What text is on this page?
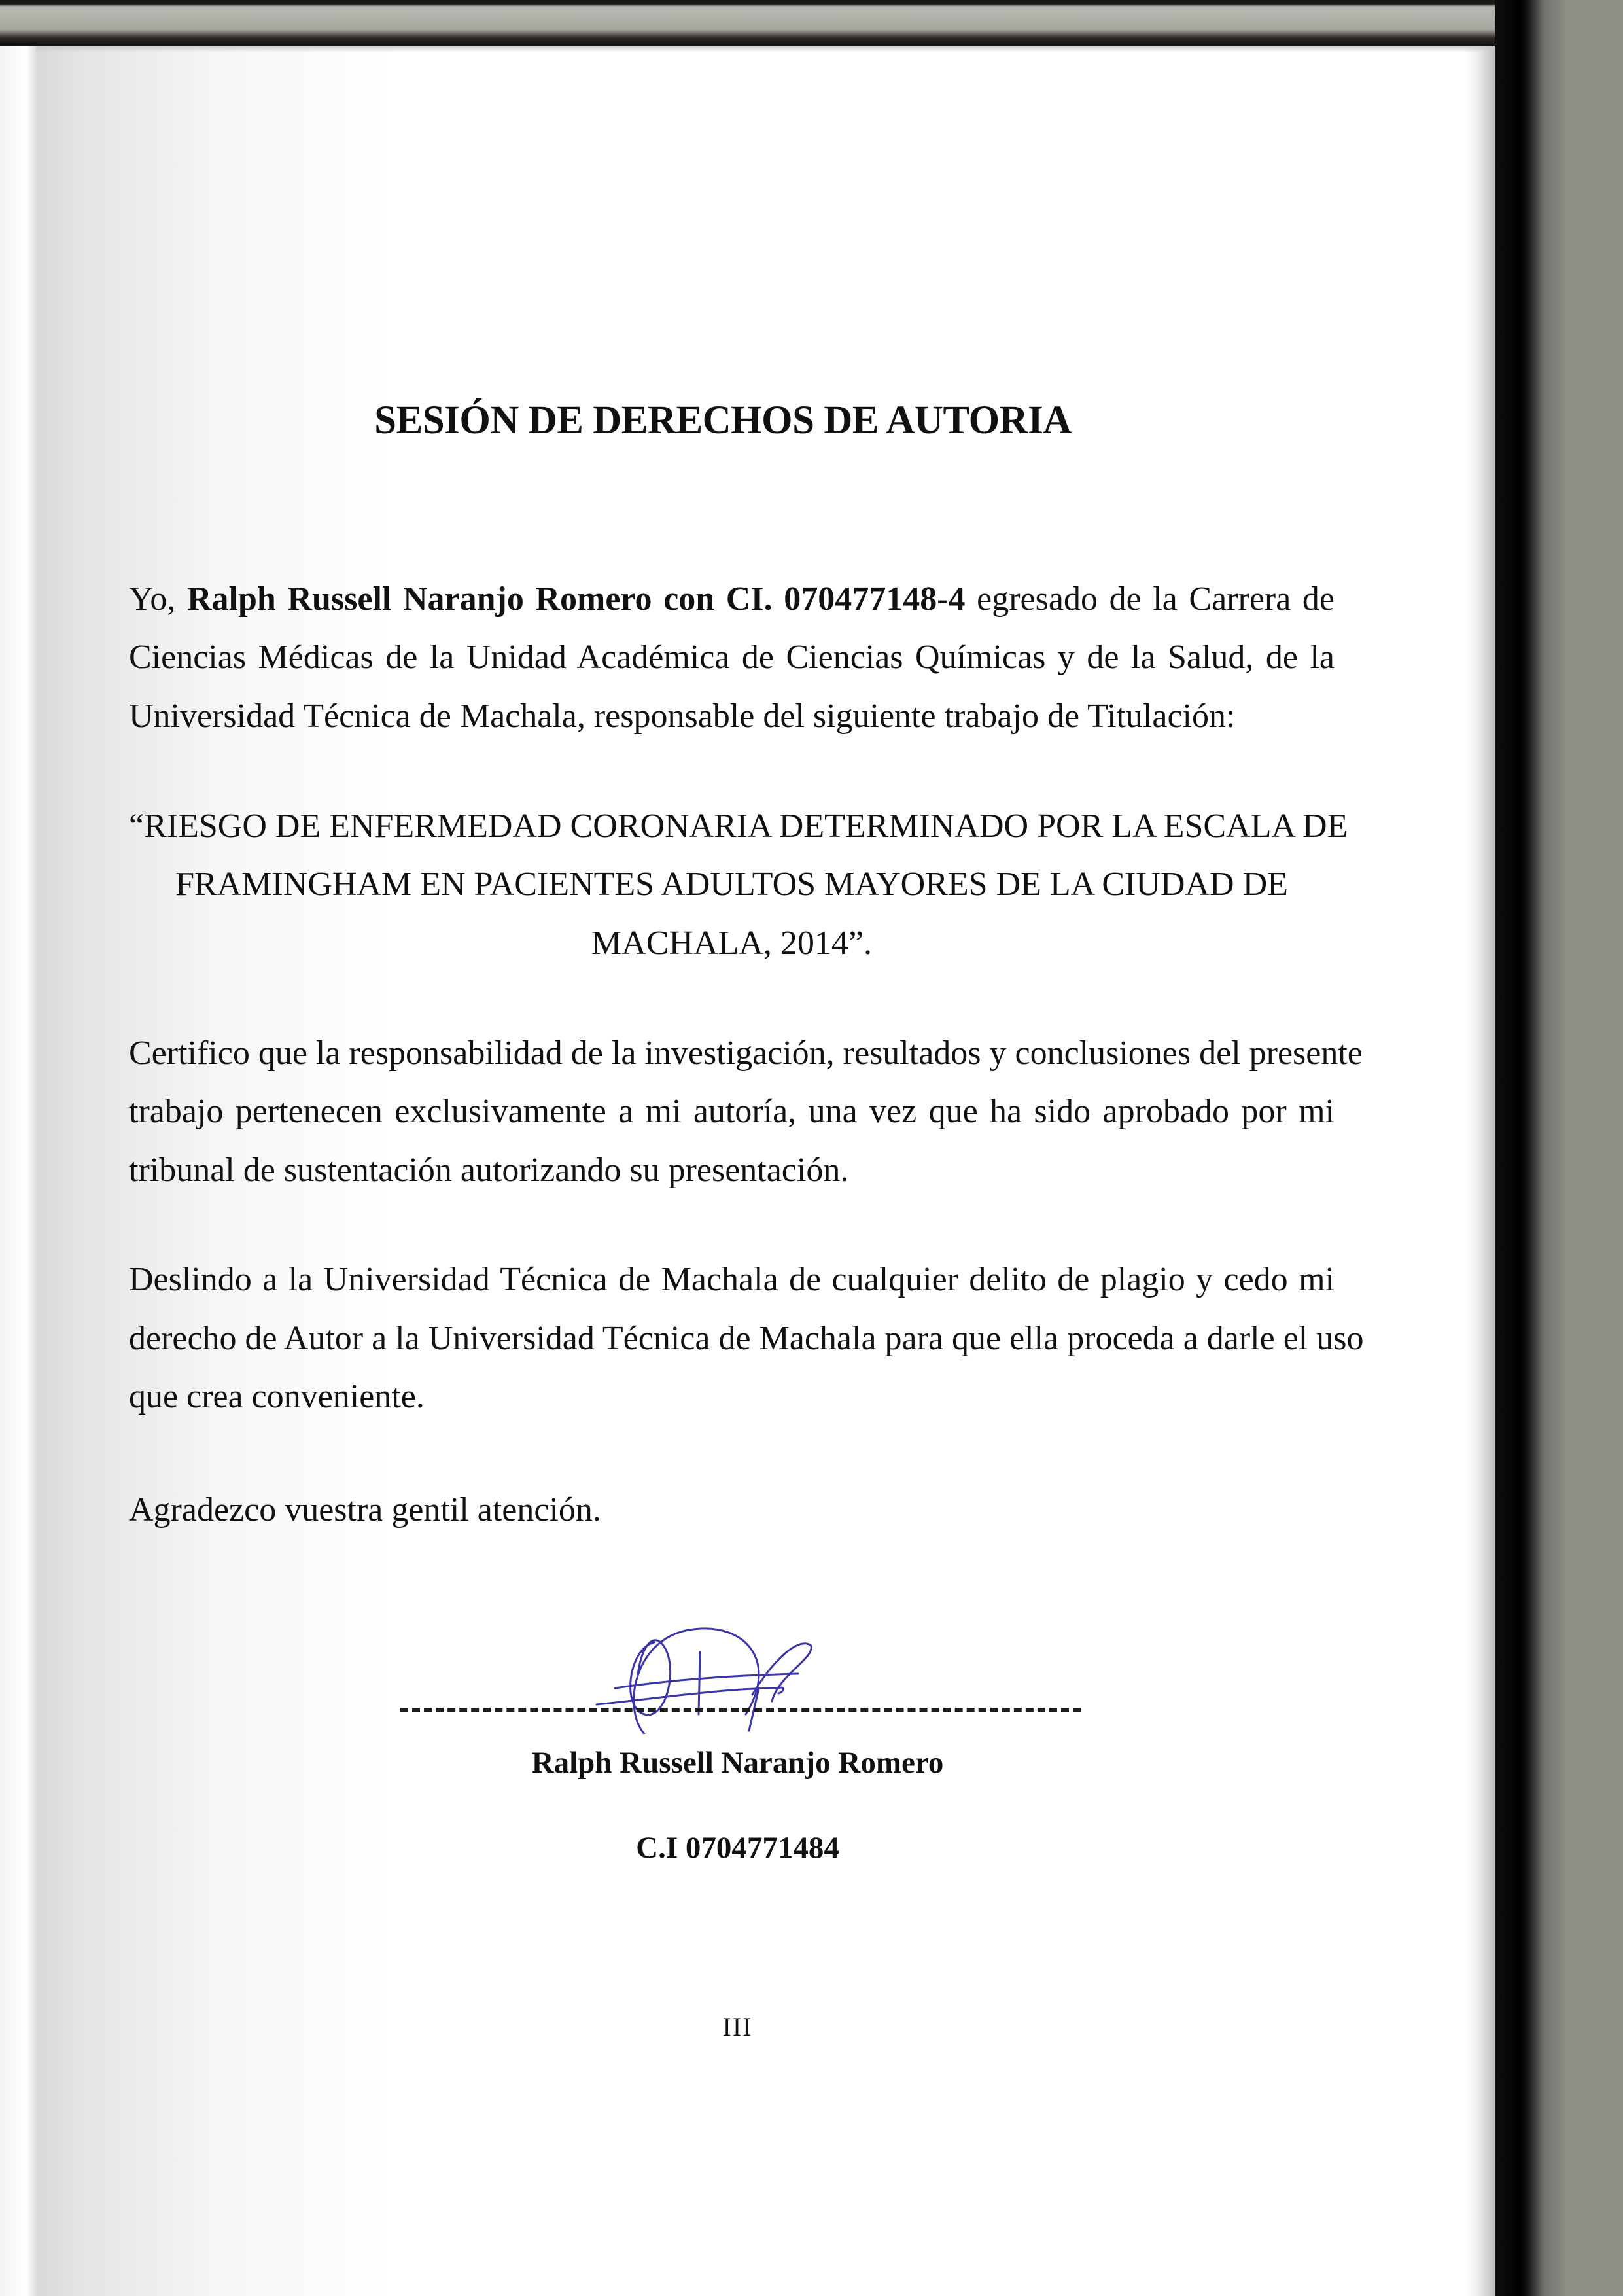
SESIÓN DE DERECHOS DE AUTORIA
Yo, Ralph Russell Naranjo Romero con CI. 070477148-4 egresado de la Carrera de
Ciencias Médicas de la Unidad Académica de Ciencias Químicas y de la Salud, de la
Universidad Técnica de Machala, responsable del siguiente trabajo de Titulación:
“RIESGO DE ENFERMEDAD CORONARIA DETERMINADO POR LA ESCALA DE
FRAMINGHAM EN PACIENTES ADULTOS MAYORES DE LA CIUDAD DE
MACHALA, 2014”.
Certifico que la responsabilidad de la investigación, resultados y conclusiones del presente
trabajo pertenecen exclusivamente a mi autoría, una vez que ha sido aprobado por mi
tribunal de sustentación autorizando su presentación.
Deslindo a la Universidad Técnica de Machala de cualquier delito de plagio y cedo mi
derecho de Autor a la Universidad Técnica de Machala para que ella proceda a darle el uso
que crea conveniente.
Agradezco vuestra gentil atención.
Ralph Russell Naranjo Romero
C.I 0704771484
III
